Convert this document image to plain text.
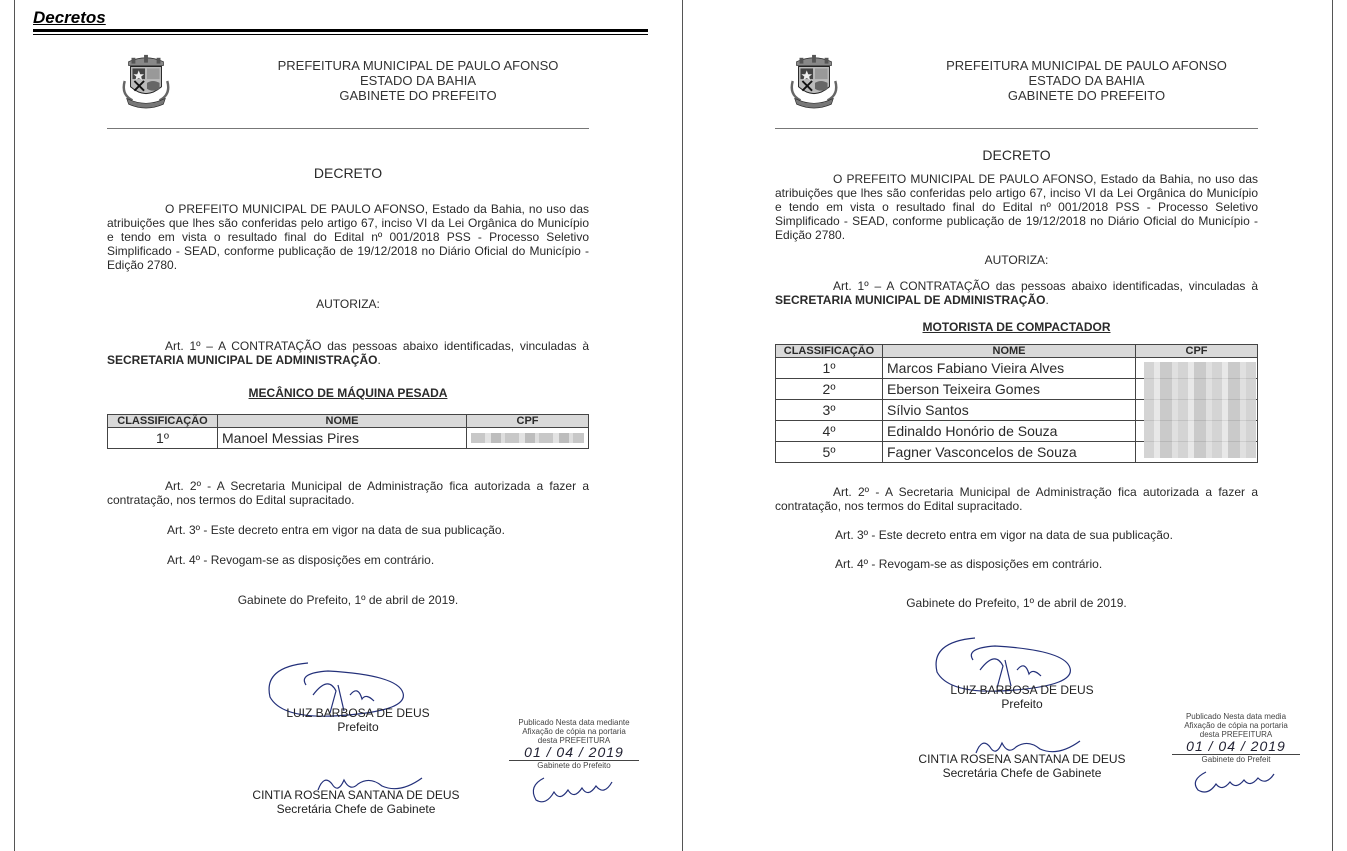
Decretos
PREFEITURA MUNICIPAL DE PAULO AFONSO
ESTADO DA BAHIA
GABINETE DO PREFEITO
DECRETO
O PREFEITO MUNICIPAL DE PAULO AFONSO, Estado da Bahia, no uso das atribuições que lhes são conferidas pelo artigo 67, inciso VI da Lei Orgânica do Município e tendo em vista o resultado final do Edital nº 001/2018 PSS - Processo Seletivo Simplificado - SEAD, conforme publicação de 19/12/2018 no Diário Oficial do Município - Edição 2780.
AUTORIZA:
Art. 1º – A CONTRATAÇÃO das pessoas abaixo identificadas, vinculadas à SECRETARIA MUNICIPAL DE ADMINISTRAÇÃO.
MECÂNICO DE MÁQUINA PESADA
CLASSIFICAÇÃO	NOME	CPF
1º	Manoel Messias Pires	
Art. 2º - A Secretaria Municipal de Administração fica autorizada a fazer a contratação, nos termos do Edital supracitado.
Art. 3º - Este decreto entra em vigor na data de sua publicação.
Art. 4º - Revogam-se as disposições em contrário.
Gabinete do Prefeito, 1º de abril de 2019.
LUIZ BARBOSA DE DEUS
Prefeito
CINTIA ROSENA SANTANA DE DEUS
Secretária Chefe de Gabinete
Publicado Nesta data mediante
Afixação de cópia na portaria
desta PREFEITURA
01 / 04 / 2019
Gabinete do Prefeito
PREFEITURA MUNICIPAL DE PAULO AFONSO
ESTADO DA BAHIA
GABINETE DO PREFEITO
DECRETO
O PREFEITO MUNICIPAL DE PAULO AFONSO, Estado da Bahia, no uso das atribuições que lhes são conferidas pelo artigo 67, inciso VI da Lei Orgânica do Município e tendo em vista o resultado final do Edital nº 001/2018 PSS - Processo Seletivo Simplificado - SEAD, conforme publicação de 19/12/2018 no Diário Oficial do Município - Edição 2780.
AUTORIZA:
Art. 1º – A CONTRATAÇÃO das pessoas abaixo identificadas, vinculadas à SECRETARIA MUNICIPAL DE ADMINISTRAÇÃO.
MOTORISTA DE COMPACTADOR
CLASSIFICAÇÃO	NOME	CPF
1º	Marcos Fabiano Vieira Alves	
2º	Eberson Teixeira Gomes	
3º	Sílvio Santos	
4º	Edinaldo Honório de Souza	
5º	Fagner Vasconcelos de Souza	
Art. 2º - A Secretaria Municipal de Administração fica autorizada a fazer a contratação, nos termos do Edital supracitado.
Art. 3º - Este decreto entra em vigor na data de sua publicação.
Art. 4º - Revogam-se as disposições em contrário.
Gabinete do Prefeito, 1º de abril de 2019.
LUIZ BARBOSA DE DEUS
Prefeito
CINTIA ROSENA SANTANA DE DEUS
Secretária Chefe de Gabinete
Publicado Nesta data media
Afixação de cópia na portaria
desta PREFEITURA
01 / 04 / 2019
Gabinete do Prefeit
